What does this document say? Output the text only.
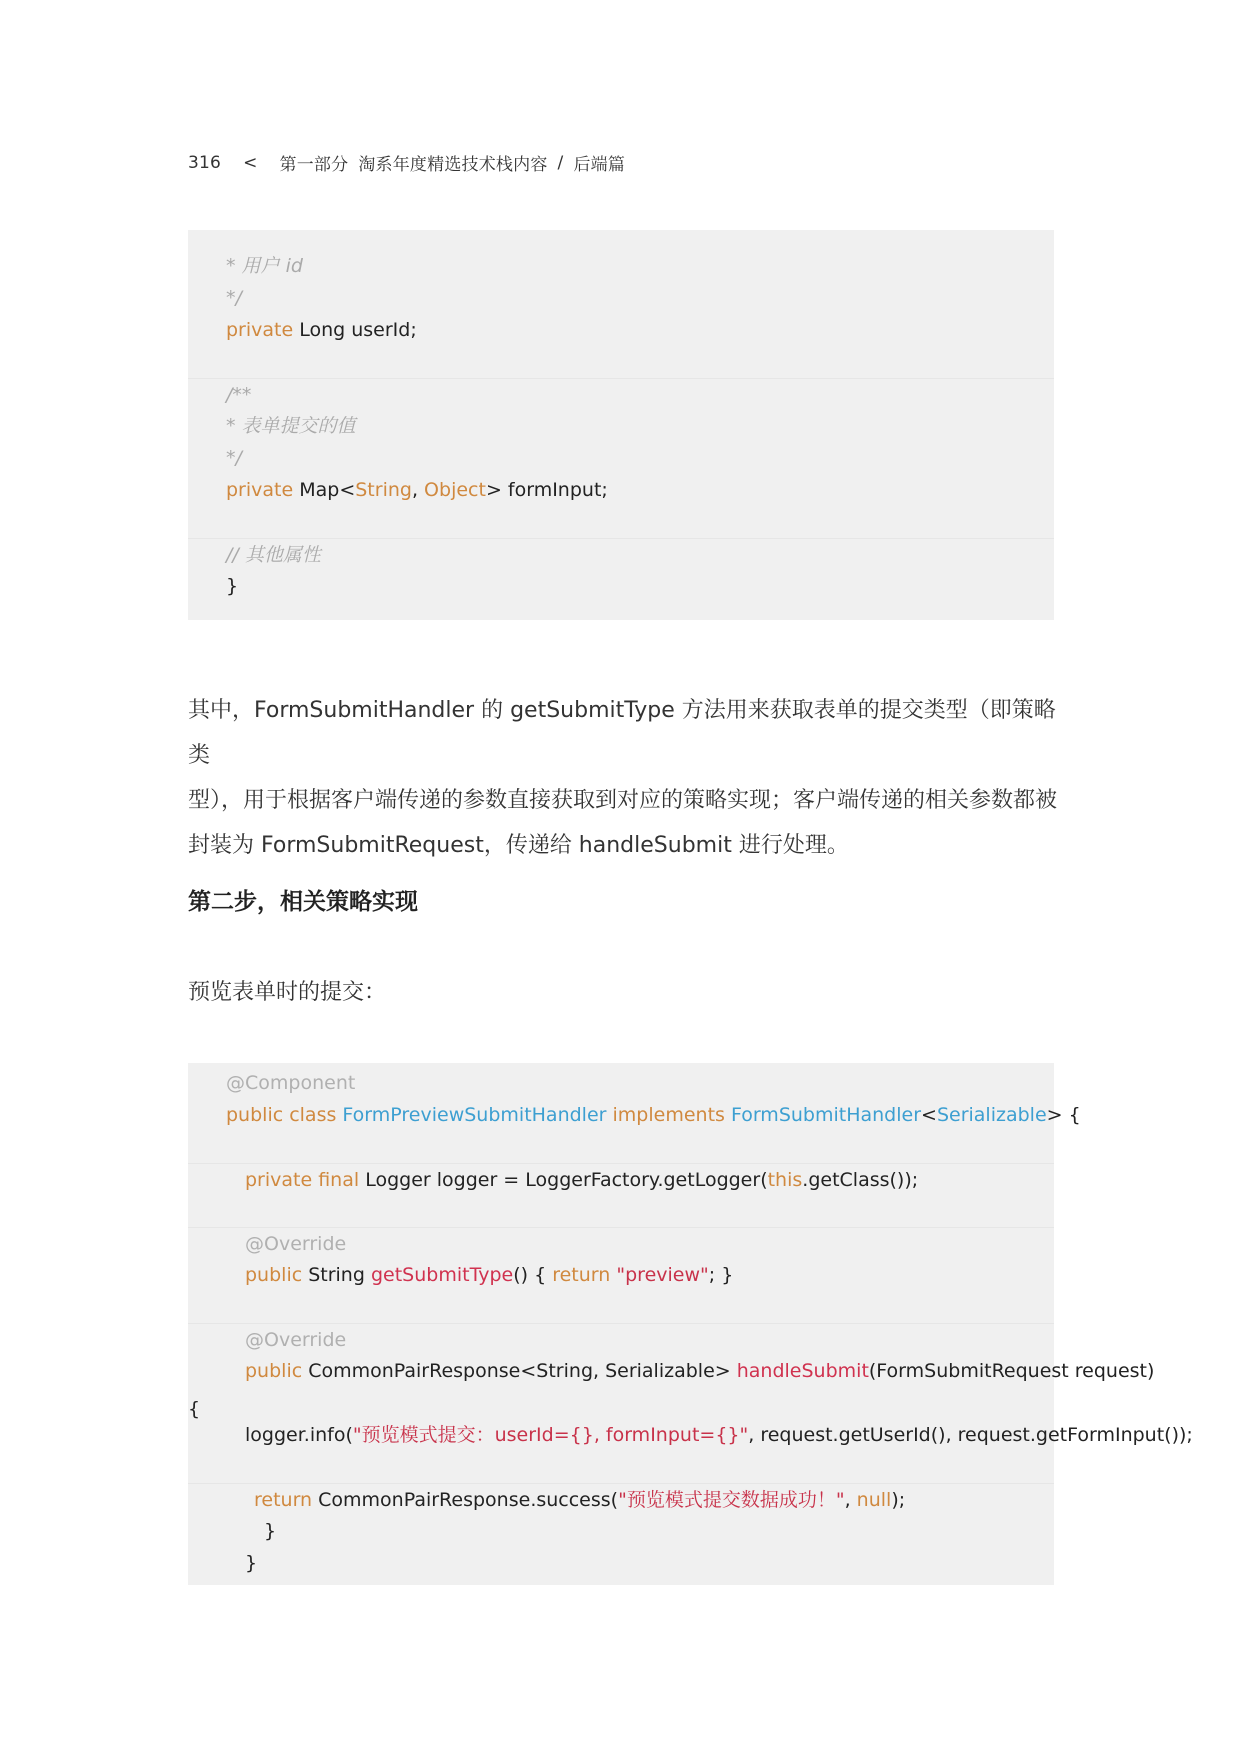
316 < 第一部分 淘系年度精选技术栈内容 / 后端篇
* 用户 id
*/
private Long userId;
/**
* 表单提交的值
*/
private Map<String, Object> formInput;
// 其他属性
}

其中，FormSubmitHandler 的 getSubmitType 方法用来获取表单的提交类型（即策略类

型），用于根据客户端传递的参数直接获取到对应的策略实现；客户端传递的相关参数都被

封装为 FormSubmitRequest，传递给 handleSubmit 进行处理。

第二步，相关策略实现
预览表单时的提交：
@Component
public class FormPreviewSubmitHandler implements FormSubmitHandler<Serializable> {
private final Logger logger = LoggerFactory.getLogger(this.getClass());
@Override
public String getSubmitType() { return "preview"; }
@Override
public CommonPairResponse<String, Serializable> handleSubmit(FormSubmitRequest request)
logger.info("预览模式提交：userId={}, formInput={}", request.getUserId(), request.getFormInput());
return CommonPairResponse.success("预览模式提交数据成功！", null);
}
}
{
